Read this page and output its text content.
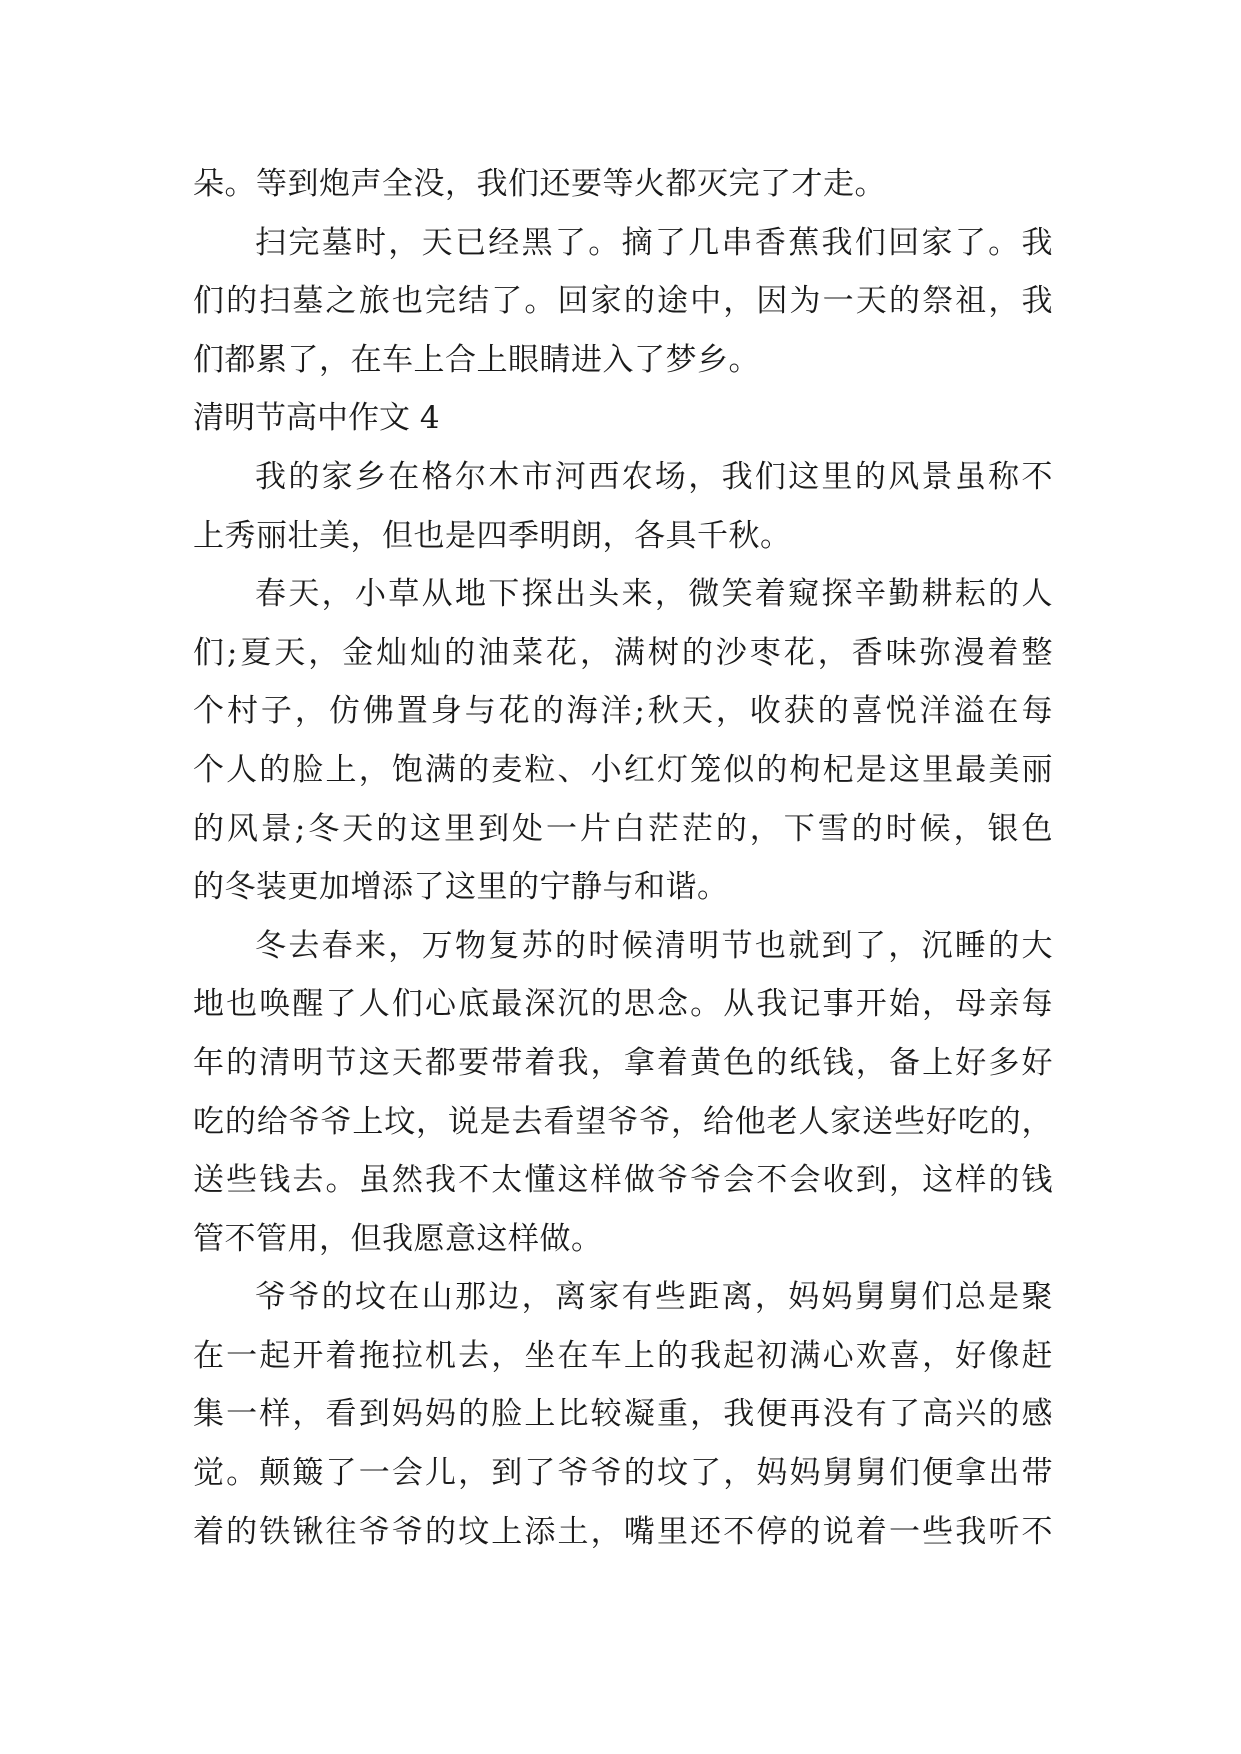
朵。等到炮声全没，我们还要等火都灭完了才走。
扫完墓时，天已经黑了。摘了几串香蕉我们回家了。我
们的扫墓之旅也完结了。回家的途中，因为一天的祭祖，我
们都累了，在车上合上眼睛进入了梦乡。
清明节高中作文 4
我的家乡在格尔木市河西农场，我们这里的风景虽称不
上秀丽壮美，但也是四季明朗，各具千秋。
春天，小草从地下探出头来，微笑着窥探辛勤耕耘的人
们;夏天，金灿灿的油菜花，满树的沙枣花，香味弥漫着整
个村子，仿佛置身与花的海洋;秋天，收获的喜悦洋溢在每
个人的脸上，饱满的麦粒、小红灯笼似的枸杞是这里最美丽
的风景;冬天的这里到处一片白茫茫的，下雪的时候，银色
的冬装更加增添了这里的宁静与和谐。
冬去春来，万物复苏的时候清明节也就到了，沉睡的大
地也唤醒了人们心底最深沉的思念。从我记事开始，母亲每
年的清明节这天都要带着我，拿着黄色的纸钱，备上好多好
吃的给爷爷上坟，说是去看望爷爷，给他老人家送些好吃的，
送些钱去。虽然我不太懂这样做爷爷会不会收到，这样的钱
管不管用，但我愿意这样做。
爷爷的坟在山那边，离家有些距离，妈妈舅舅们总是聚
在一起开着拖拉机去，坐在车上的我起初满心欢喜，好像赶
集一样，看到妈妈的脸上比较凝重，我便再没有了高兴的感
觉。颠簸了一会儿，到了爷爷的坟了，妈妈舅舅们便拿出带
着的铁锹往爷爷的坟上添土，嘴里还不停的说着一些我听不
